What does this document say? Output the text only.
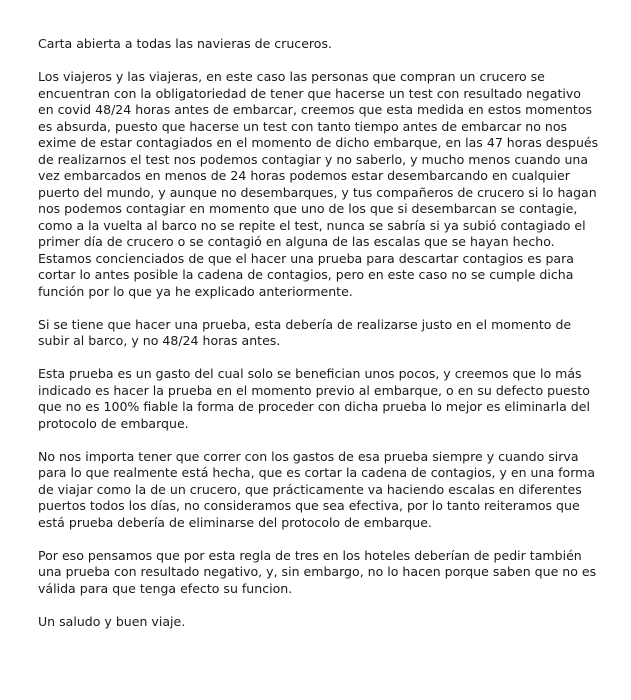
Carta abierta a todas las navieras de cruceros.

Los viajeros y las viajeras, en este caso las personas que compran un crucero se encuentran con la obligatoriedad de tener que hacerse un test con resultado negativo en covid 48/24 horas antes de embarcar, creemos que esta medida en estos momentos es absurda, puesto que hacerse un test con tanto tiempo antes de embarcar no nos exime de estar contagiados en el momento de dicho embarque, en las 47 horas después de realizarnos el test nos podemos contagiar y no saberlo, y mucho menos cuando una vez embarcados en menos de 24 horas podemos estar desembarcando en cualquier puerto del mundo, y aunque no desembarques, y tus compañeros de crucero si lo hagan nos podemos contagiar en momento que uno de los que si desembarcan se contagie, como a la vuelta al barco no se repite el test, nunca se sabría si ya subió contagiado el primer día de crucero o se contagió en alguna de las escalas que se hayan hecho.

Estamos concienciados de que el hacer una prueba para descartar contagios es para cortar lo antes posible la cadena de contagios, pero en este caso no se cumple dicha función por lo que ya he explicado anteriormente.

Si se tiene que hacer una prueba, esta debería de realizarse justo en el momento de subir al barco, y no 48/24 horas antes.

Esta prueba es un gasto del cual solo se benefician unos pocos, y creemos que lo más indicado es hacer la prueba en el momento previo al embarque, o en su defecto puesto que no es 100% fiable la forma de proceder con dicha prueba lo mejor es eliminarla del protocolo de embarque.

No nos importa tener que correr con los gastos de esa prueba siempre y cuando sirva para lo que realmente está hecha, que es cortar la cadena de contagios, y en una forma de viajar como la de un crucero, que prácticamente va haciendo escalas en diferentes puertos todos los días, no consideramos que sea efectiva, por lo tanto reiteramos que está prueba debería de eliminarse del protocolo de embarque.

Por eso pensamos que por esta regla de tres en los hoteles deberían de pedir también una prueba con resultado negativo, y, sin embargo, no lo hacen porque saben que no es válida para que tenga efecto su funcion.

Un saludo y buen viaje.
